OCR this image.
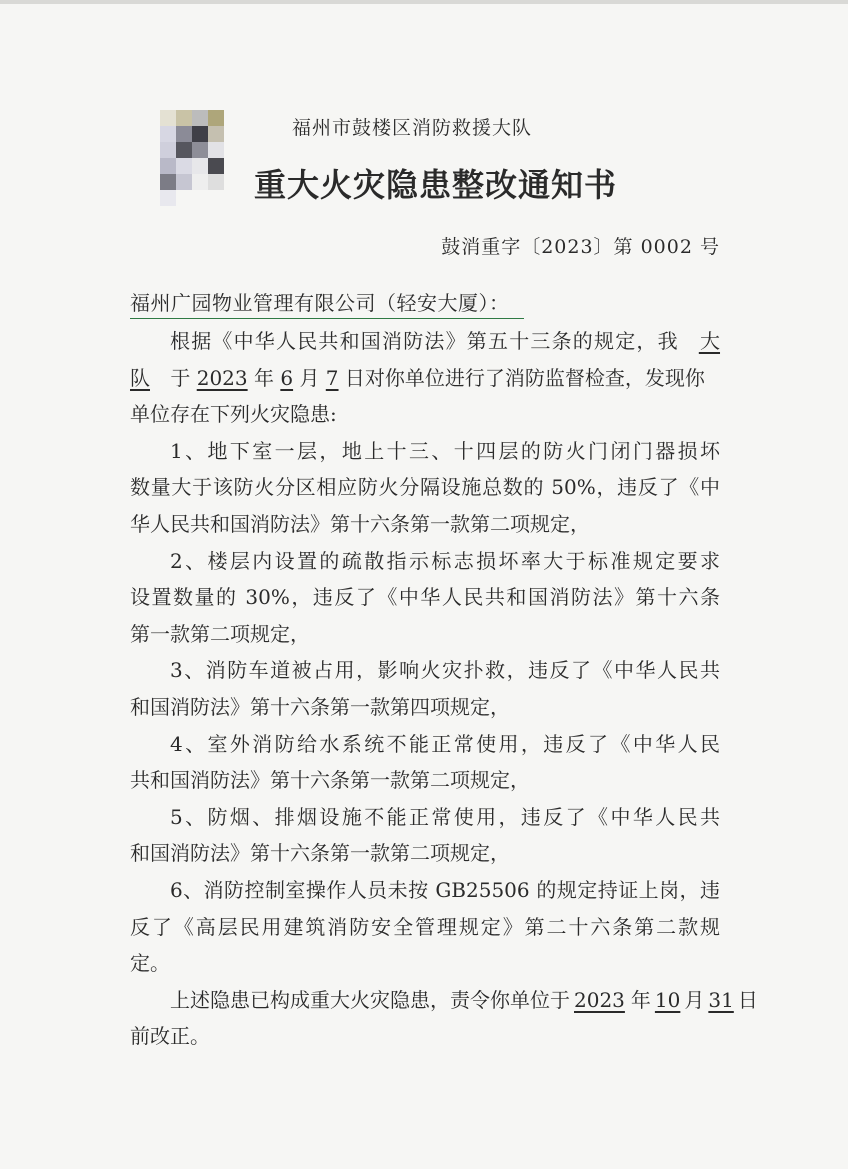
福州市鼓楼区消防救援大队
重大火灾隐患整改通知书
鼓消重字〔2023〕第 0002 号
福州广园物业管理有限公司（轻安大厦）：
根据《中华人民共和国消防法》第五十三条的规定，我 大
队 于 2023 年 6 月 7 日对你单位进行了消防监督检查，发现你
单位存在下列火灾隐患:
1、地下室一层，地上十三、十四层的防火门闭门器损坏
数量大于该防火分区相应防火分隔设施总数的 50%，违反了《中
华人民共和国消防法》第十六条第一款第二项规定，
2、楼层内设置的疏散指示标志损坏率大于标准规定要求
设置数量的 30%，违反了《中华人民共和国消防法》第十六条
第一款第二项规定，
3、消防车道被占用，影响火灾扑救，违反了《中华人民共
和国消防法》第十六条第一款第四项规定，
4、室外消防给水系统不能正常使用，违反了《中华人民
共和国消防法》第十六条第一款第二项规定，
5、防烟、排烟设施不能正常使用，违反了《中华人民共
和国消防法》第十六条第一款第二项规定，
6、消防控制室操作人员未按 GB25506 的规定持证上岗，违
反了《高层民用建筑消防安全管理规定》第二十六条第二款规
定。
上述隐患已构成重大火灾隐患，责令你单位于 2023 年 10 月 31 日
前改正。
